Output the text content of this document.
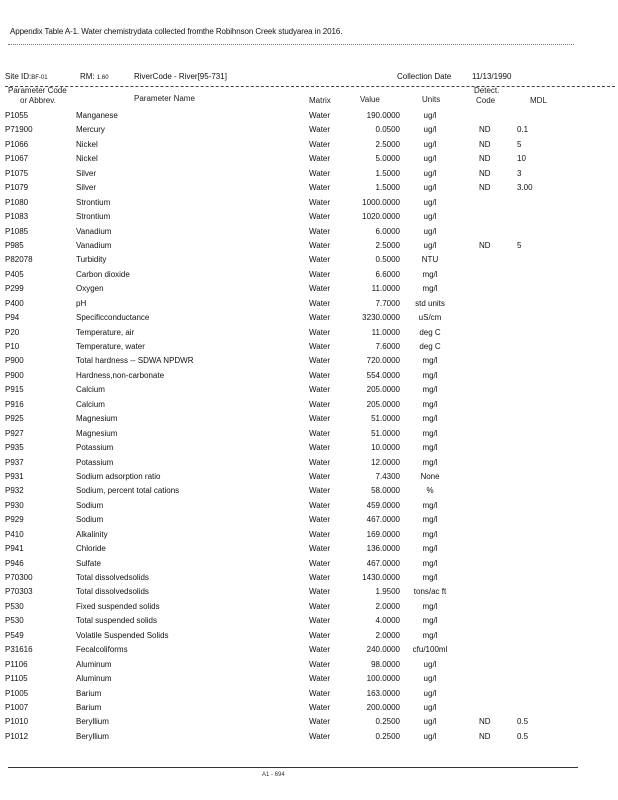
Appendix Table A-1. Water chemistrydata collected fromthe Robihnson Creek studyarea in 2016.
Site ID:BF-01	RM: 1.60	RiverCode - River[95-731]	Collection Date	11/13/1990
Parameter Code
or Abbrev.	Parameter Name	Matrix	Value	Units
Detect.
Code	MDL
P1055	Manganese	Water	190.0000	ug/l
P71900	Mercury	Water	0.0500	ug/l	ND	0.1
P1066	Nickel	Water	2.5000	ug/l	ND	5
P1067	Nickel	Water	5.0000	ug/l	ND	10
P1075	Silver	Water	1.5000	ug/l	ND	3
P1079	Silver	Water	1.5000	ug/l	ND	3.00
P1080	Strontium	Water	1000.0000	ug/l
P1083	Strontium	Water	1020.0000	ug/l
P1085	Vanadium	Water	6.0000	ug/l
P985	Vanadium	Water	2.5000	ug/l	ND	5
P82078	Turbidity	Water	0.5000	NTU
P405	Carbon dioxide	Water	6.6000	mg/l
P299	Oxygen	Water	11.0000	mg/l
P400	pH	Water	7.7000 std units
P94	Specificconductance	Water	3230.0000 uS/cm
P20	Temperature, air	Water	11.0000 deg C
P10	Temperature, water	Water	7.6000 deg C
P900	Total hardness -- SDWA NPDWR	Water	720.0000	mg/l
P900	Hardness,non-carbonate	Water	554.0000	mg/l
P915	Calcium	Water	205.0000	mg/l
P916	Calcium	Water	205.0000	mg/l
P925	Magnesium	Water	51.0000	mg/l
P927	Magnesium	Water	51.0000	mg/l
P935	Potassium	Water	10.0000	mg/l
P937	Potassium	Water	12.0000	mg/l
P931	Sodium adsorption ratio	Water	7.4300	None
P932	Sodium, percent total cations	Water	58.0000	%
P930	Sodium	Water	459.0000	mg/l
P929	Sodium	Water	467.0000	mg/l
P410	Alkalinity	Water	169.0000	mg/l
P941	Chloride	Water	136.0000	mg/l
P946	Sulfate	Water	467.0000	mg/l
P70300	Total dissolvedsolids	Water	1430.0000	mg/l
P70303	Total dissolvedsolids	Water	1.9500 tons/ac ft
P530	Fixed suspended solids	Water	2.0000	mg/l
P530	Total suspended solids	Water	4.0000	mg/l
P549	Volatile Suspended Solids	Water	2.0000	mg/l
P31616	Fecalcoliforms	Water	240.0000 cfu/100ml
P1106	Aluminum	Water	98.0000	ug/l
P1105	Aluminum	Water	100.0000	ug/l
P1005	Barium	Water	163.0000	ug/l
P1007	Barium	Water	200.0000	ug/l
P1010	Beryllium	Water	0.2500	ug/l	ND	0.5
P1012	Beryllium	Water	0.2500	ug/l	ND	0.5
A1 - 694
